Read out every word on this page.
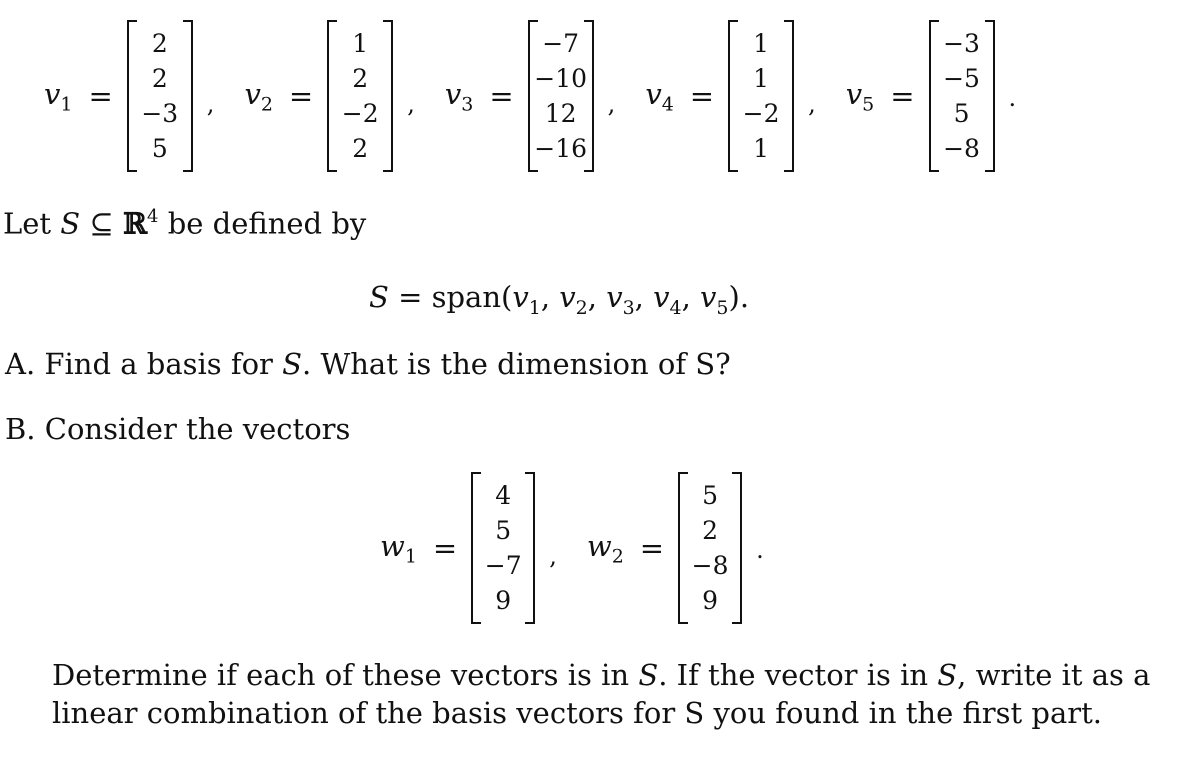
$v_1$ =
2
2
−3
5
, $v_2$ =
1
2
−2
2
, $v_3$ =
−7
−10
12
−16
, $v_4$ =
1
1
−2
1
, $v_5$ =
−3
−5
5
−8
.
Let S ⊆ ℝ$^4$ be defined by
$S = span(v_1$, $v_2$, $v_3$, $v_4$, $v_5$).
A. Find a basis for S. What is the dimension of S?
B. Consider the vectors
$w_1$ =
4
5
−7
9
, $w_2$ =
5
2
−8
9
.
Determine if each of these vectors is in S. If the vector is in S, write it as a
linear combination of the basis vectors for S you found in the first part.
